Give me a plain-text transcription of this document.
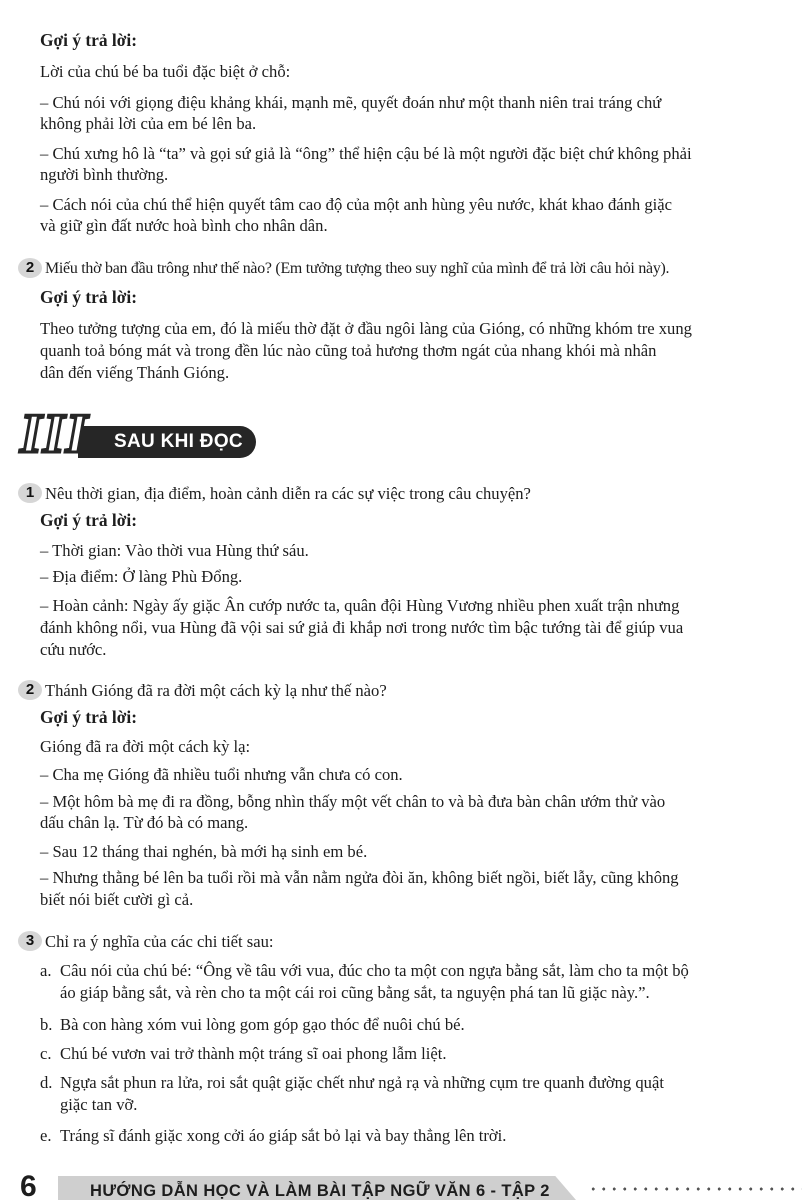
Gợi ý trả lời:
Lời của chú bé ba tuổi đặc biệt ở chỗ:
– Chú nói với giọng điệu khảng khái, mạnh mẽ, quyết đoán như một thanh niên trai tráng chứ
không phải lời của em bé lên ba.
– Chú xưng hô là “ta” và gọi sứ giả là “ông” thể hiện cậu bé là một người đặc biệt chứ không phải
người bình thường.
– Cách nói của chú thể hiện quyết tâm cao độ của một anh hùng yêu nước, khát khao đánh giặc
và giữ gìn đất nước hoà bình cho nhân dân.
2 Miếu thờ ban đầu trông như thế nào? (Em tưởng tượng theo suy nghĩ của mình để trả lời câu hỏi này).
Gợi ý trả lời:
Theo tưởng tượng của em, đó là miếu thờ đặt ở đầu ngôi làng của Gióng, có những khóm tre xung
quanh toả bóng mát và trong đền lúc nào cũng toả hương thơm ngát của nhang khói mà nhân
dân đến viếng Thánh Gióng.
III SAU KHI ĐỌC
1 Nêu thời gian, địa điểm, hoàn cảnh diễn ra các sự việc trong câu chuyện?
Gợi ý trả lời:
– Thời gian: Vào thời vua Hùng thứ sáu.
– Địa điểm: Ở làng Phù Đổng.
– Hoàn cảnh: Ngày ấy giặc Ân cướp nước ta, quân đội Hùng Vương nhiều phen xuất trận nhưng
đánh không nổi, vua Hùng đã vội sai sứ giả đi khắp nơi trong nước tìm bậc tướng tài để giúp vua
cứu nước.
2 Thánh Gióng đã ra đời một cách kỳ lạ như thế nào?
Gợi ý trả lời:
Gióng đã ra đời một cách kỳ lạ:
– Cha mẹ Gióng đã nhiều tuổi nhưng vẫn chưa có con.
– Một hôm bà mẹ đi ra đồng, bỗng nhìn thấy một vết chân to và bà đưa bàn chân ướm thử vào
dấu chân lạ. Từ đó bà có mang.
– Sau 12 tháng thai nghén, bà mới hạ sinh em bé.
– Nhưng thằng bé lên ba tuổi rồi mà vẫn nằm ngửa đòi ăn, không biết ngồi, biết lẫy, cũng không
biết nói biết cười gì cả.
3 Chỉ ra ý nghĩa của các chi tiết sau:
a. Câu nói của chú bé: “Ông về tâu với vua, đúc cho ta một con ngựa bằng sắt, làm cho ta một bộ
áo giáp bằng sắt, và rèn cho ta một cái roi cũng bằng sắt, ta nguyện phá tan lũ giặc này.”.
b. Bà con hàng xóm vui lòng gom góp gạo thóc để nuôi chú bé.
c. Chú bé vươn vai trở thành một tráng sĩ oai phong lẫm liệt.
d. Ngựa sắt phun ra lửa, roi sắt quật giặc chết như ngả rạ và những cụm tre quanh đường quật
giặc tan vỡ.
e. Tráng sĩ đánh giặc xong cởi áo giáp sắt bỏ lại và bay thẳng lên trời.
6	HƯỚNG DẪN HỌC VÀ LÀM BÀI TẬP NGỮ VĂN 6 - TẬP 2
